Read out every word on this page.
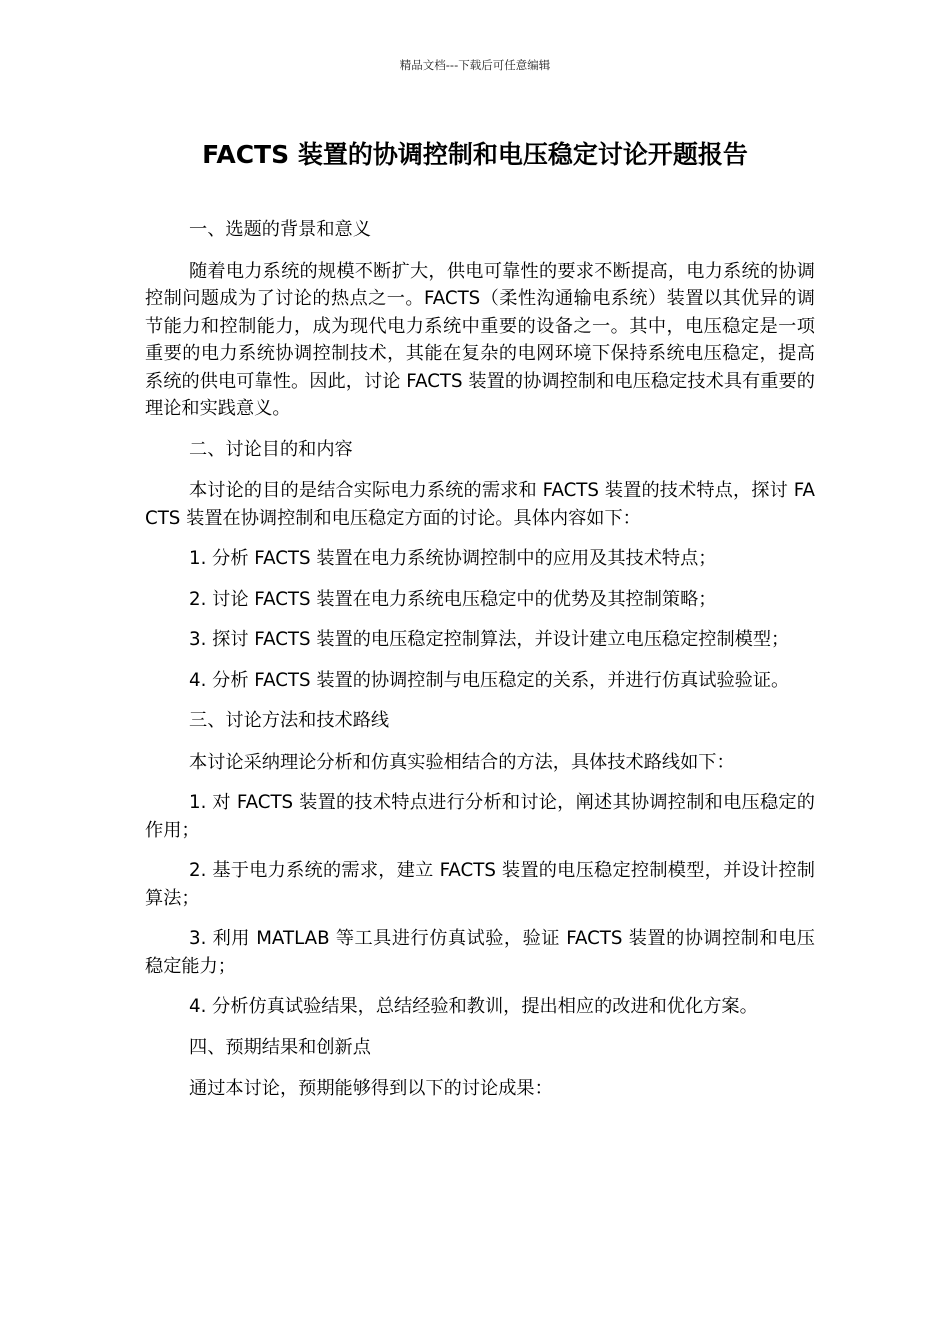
精品文档---下载后可任意编辑
FACTS 装置的协调控制和电压稳定讨论开题报告

一、选题的背景和意义

随着电力系统的规模不断扩大，供电可靠性的要求不断提高，电力系统的协调控制问题成为了讨论的热点之一。FACTS（柔性沟通输电系统）装置以其优异的调节能力和控制能力，成为现代电力系统中重要的设备之一。其中，电压稳定是一项重要的电力系统协调控制技术，其能在复杂的电网环境下保持系统电压稳定，提高系统的供电可靠性。因此，讨论 FACTS 装置的协调控制和电压稳定技术具有重要的理论和实践意义。

二、讨论目的和内容

本讨论的目的是结合实际电力系统的需求和 FACTS 装置的技术特点，探讨 FACTS 装置在协调控制和电压稳定方面的讨论。具体内容如下：

1. 分析 FACTS 装置在电力系统协调控制中的应用及其技术特点；

2. 讨论 FACTS 装置在电力系统电压稳定中的优势及其控制策略；

3. 探讨 FACTS 装置的电压稳定控制算法，并设计建立电压稳定控制模型；

4. 分析 FACTS 装置的协调控制与电压稳定的关系，并进行仿真试验验证。

三、讨论方法和技术路线

本讨论采纳理论分析和仿真实验相结合的方法，具体技术路线如下：

1. 对 FACTS 装置的技术特点进行分析和讨论，阐述其协调控制和电压稳定的作用；

2. 基于电力系统的需求，建立 FACTS 装置的电压稳定控制模型，并设计控制算法；

3. 利用 MATLAB 等工具进行仿真试验，验证 FACTS 装置的协调控制和电压稳定能力；

4. 分析仿真试验结果，总结经验和教训，提出相应的改进和优化方案。

四、预期结果和创新点

通过本讨论，预期能够得到以下的讨论成果：
